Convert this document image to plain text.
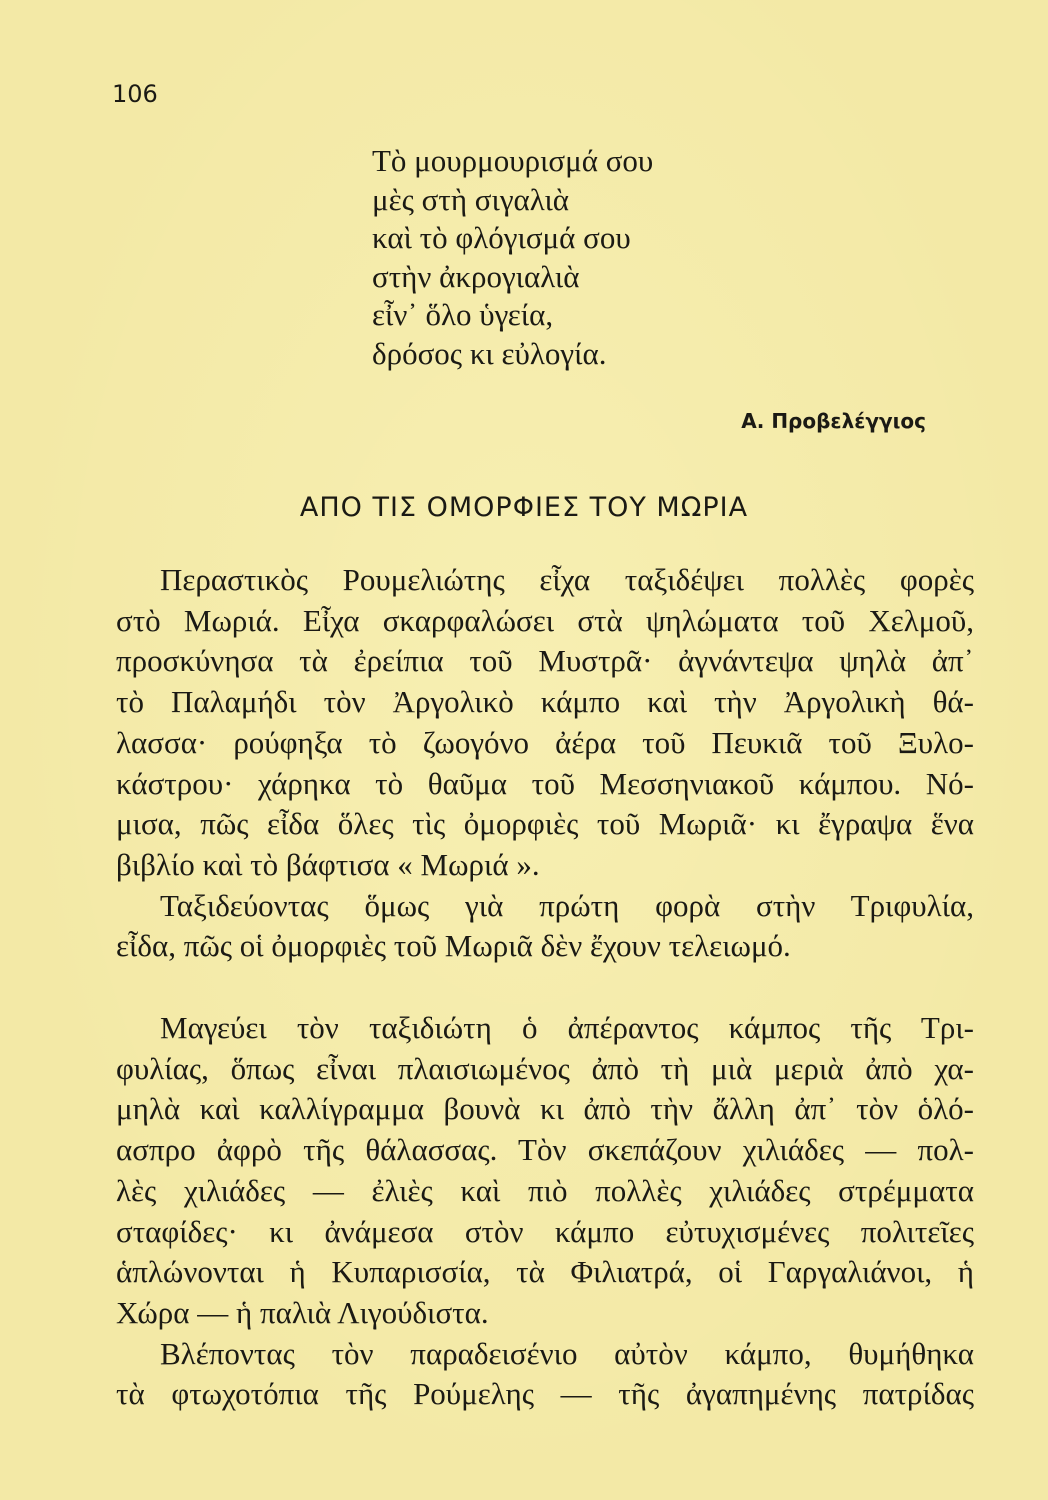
106
Τὸ μουρμουρισμά σου
μὲς στὴ σιγαλιὰ
καὶ τὸ φλόγισμά σου
στὴν ἀκρογιαλιὰ
εἶν᾽ ὅλο ὑγεία,
δρόσος κι εὐλογία.
Α. Προβελέγγιος
ΑΠΟ ΤΙΣ ΟΜΟΡΦΙΕΣ ΤΟΥ ΜΩΡΙΑ
Περαστικὸς Ρουμελιώτης εἶχα ταξιδέψει πολλὲς φορὲς
στὸ Μωριά. Εἶχα σκαρφαλώσει στὰ ψηλώματα τοῦ Χελμοῦ,
προσκύνησα τὰ ἐρείπια τοῦ Μυστρᾶ· ἀγνάντεψα ψηλὰ ἀπ᾽
τὸ Παλαμήδι τὸν Ἀργολικὸ κάμπο καὶ τὴν Ἀργολικὴ θά-
λασσα· ρούφηξα τὸ ζωογόνο ἀέρα τοῦ Πευκιᾶ τοῦ Ξυλο-
κάστρου· χάρηκα τὸ θαῦμα τοῦ Μεσσηνιακοῦ κάμπου. Νό-
μισα, πῶς εἶδα ὅλες τὶς ὀμορφιὲς τοῦ Μωριᾶ· κι ἔγραψα ἕνα
βιβλίο καὶ τὸ βάφτισα « Μωριά ».
Ταξιδεύοντας ὅμως γιὰ πρώτη φορὰ στὴν Τριφυλία,
εἶδα, πῶς οἱ ὀμορφιὲς τοῦ Μωριᾶ δὲν ἔχουν τελειωμό.
Μαγεύει τὸν ταξιδιώτη ὁ ἀπέραντος κάμπος τῆς Τρι-
φυλίας, ὅπως εἶναι πλαισιωμένος ἀπὸ τὴ μιὰ μεριὰ ἀπὸ χα-
μηλὰ καὶ καλλίγραμμα βουνὰ κι ἀπὸ τὴν ἄλλη ἀπ᾽ τὸν ὁλό-
ασπρο ἀφρὸ τῆς θάλασσας. Τὸν σκεπάζουν χιλιάδες — πολ-
λὲς χιλιάδες — ἐλιὲς καὶ πιὸ πολλὲς χιλιάδες στρέμματα
σταφίδες· κι ἀνάμεσα στὸν κάμπο εὐτυχισμένες πολιτεῖες
ἁπλώνονται ἡ Κυπαρισσία, τὰ Φιλιατρά, οἱ Γαργαλιάνοι, ἡ
Χώρα — ἡ παλιὰ Λιγούδιστα.
Βλέποντας τὸν παραδεισένιο αὐτὸν κάμπο, θυμήθηκα
τὰ φτωχοτόπια τῆς Ρούμελης — τῆς ἀγαπημένης πατρίδας
